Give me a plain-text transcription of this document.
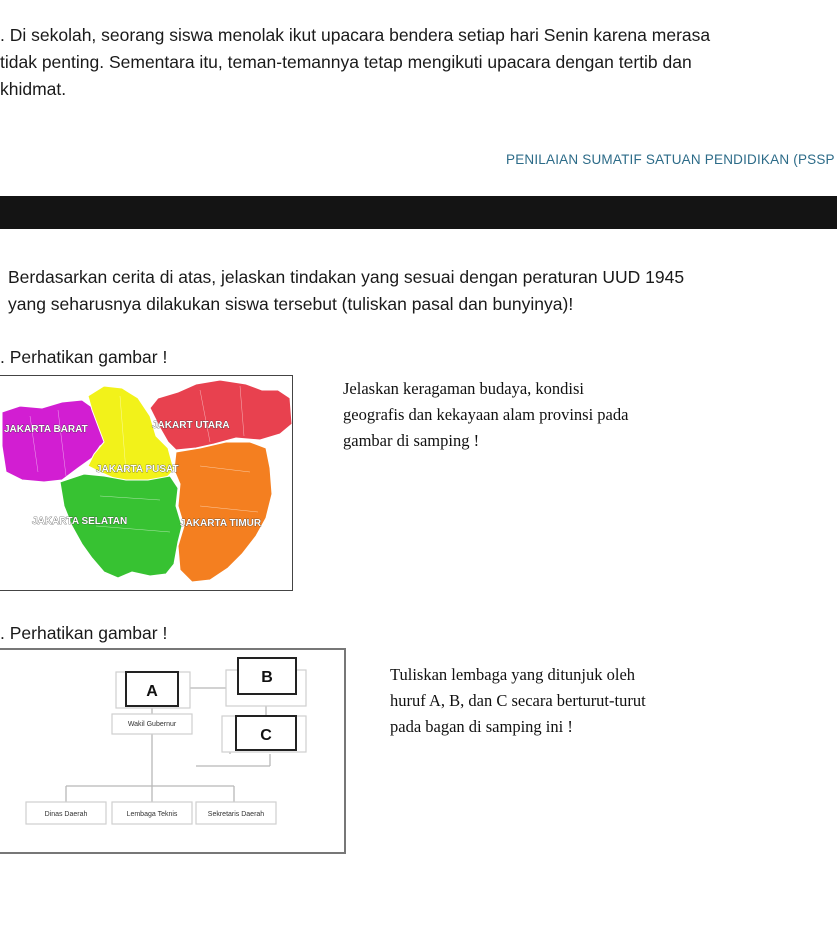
. Di sekolah, seorang siswa menolak ikut upacara bendera setiap hari Senin karena merasa
tidak penting. Sementara itu, teman-temannya tetap mengikuti upacara dengan tertib dan
khidmat.
PENILAIAN SUMATIF SATUAN PENDIDIKAN (PSSP
Berdasarkan cerita di atas, jelaskan tindakan yang sesuai dengan peraturan UUD 1945
yang seharusnya dilakukan siswa tersebut (tuliskan pasal dan bunyinya)!
. Perhatikan gambar !
JAKARTA BARAT	JAKART UTARA
JAKARTA PUSAT
JAKARTA SELATAN	JAKARTA TIMUR
Jelaskan keragaman budaya, kondisi
geografis dan kekayaan alam provinsi pada
gambar di samping !
. Perhatikan gambar !
A
B
Wakil Gubernur
C
Dinas Daerah	Lembaga Teknis	Sekretaris Daerah
Tuliskan lembaga yang ditunjuk oleh
huruf A, B, dan C secara berturut-turut
pada bagan di samping ini !
